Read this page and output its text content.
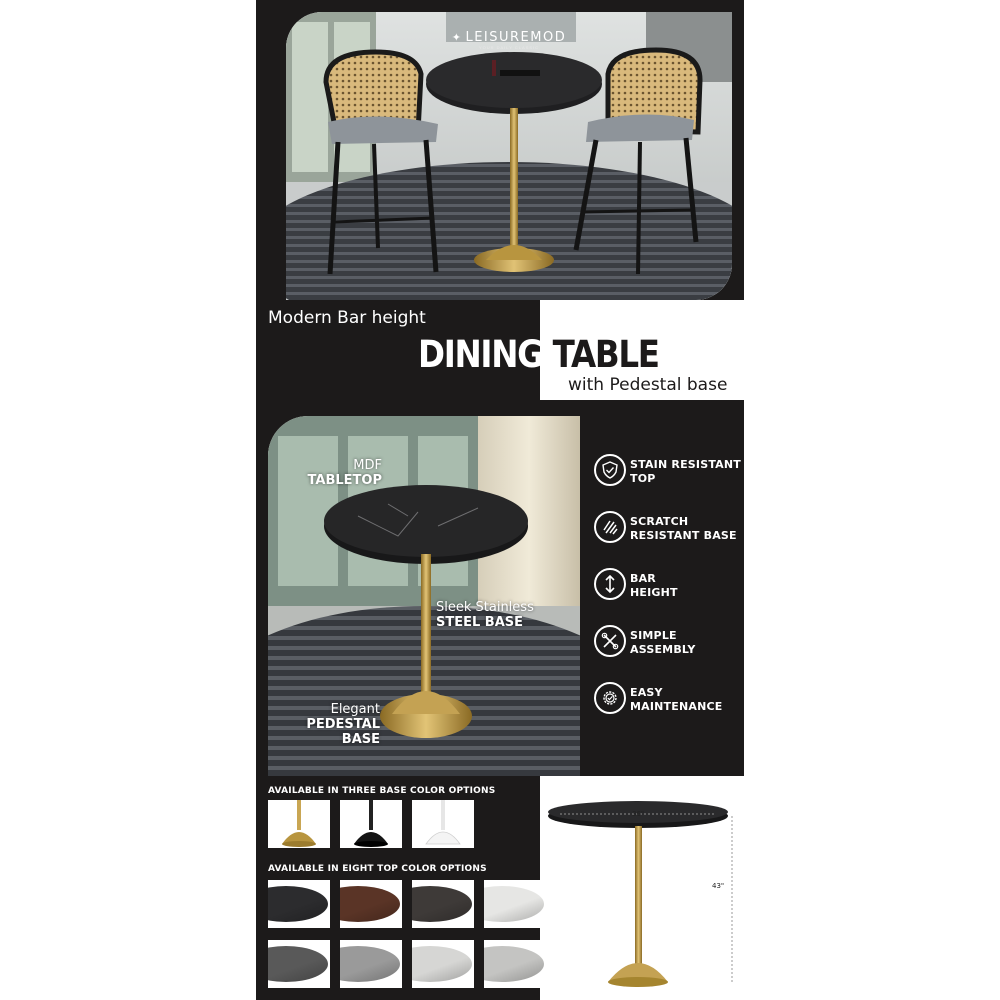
✦ LEISUREMOD
YOUR DAILY CLASSIC
Modern Bar height
DINING TABLE
with Pedestal base
MDF
TABLETOP
Sleek Stainless
STEEL BASE
Elegant
PEDESTAL BASE
STAIN RESISTANT
TOP
SCRATCH
RESISTANT BASE
BAR
HEIGHT
SIMPLE
ASSEMBLY
EASY
MAINTENANCE
AVAILABLE IN THREE BASE COLOR OPTIONS
AVAILABLE IN EIGHT TOP COLOR OPTIONS
36"
43"
